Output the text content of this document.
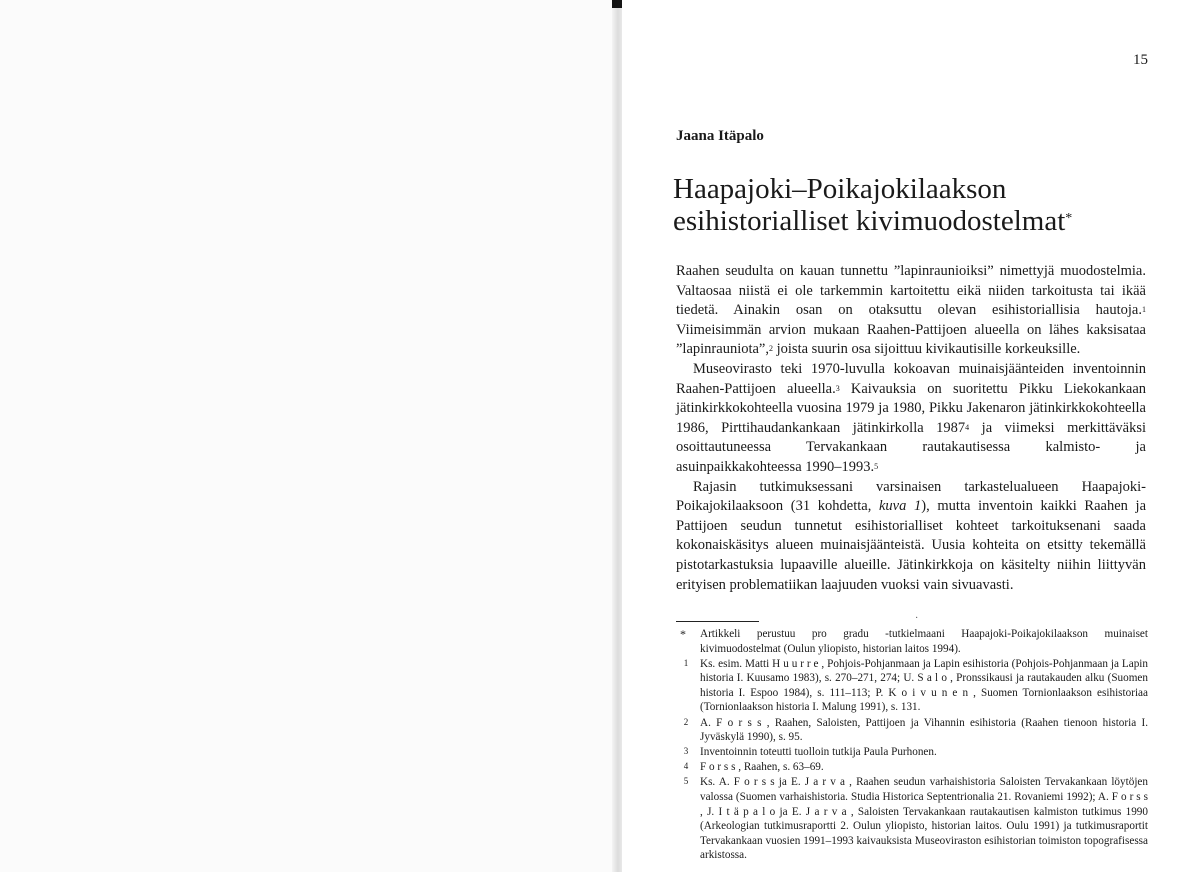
15
Jaana Itäpalo
Haapajoki–Poikajokilaakson
esihistorialliset kivimuodostelmat*

Raahen seudulta on kauan tunnettu ”lapinraunioiksi” nimettyjä muodostelmia. Valtaosaa niistä ei ole tarkemmin kartoitettu eikä niiden tarkoitusta tai ikää tiedetä. Ainakin osan on otaksuttu olevan esihistoriallisia hautoja.$^1$ Viimeisimmän arvion mukaan Raahen-Pattijoen alueella on lähes kaksisataa ”lapinrauniota”,$^2$ joista suurin osa sijoittuu kivikautisille korkeuksille.

Museovirasto teki 1970-luvulla kokoavan muinaisjäänteiden inventoinnin Raahen-Pattijoen alueella.$^3$ Kaivauksia on suoritettu Pikku Liekokankaan jätinkirkkokohteella vuosina 1979 ja 1980, Pikku Jakenaron jätinkirkkokohteella 1986, Pirttihaudankankaan jätinkirkolla 1987$^4$ ja viimeksi merkittäväksi osoittautuneessa Tervakankaan rautakautisessa kalmisto- ja asuinpaikkakohteessa 1990–1993.$^5$

Rajasin tutkimuksessani varsinaisen tarkastelualueen Haapajoki-Poikajokilaaksoon (31 kohdetta, kuva 1), mutta inventoin kaikki Raahen ja Pattijoen seudun tunnetut esihistorialliset kohteet tarkoituksenani saada kokonaiskäsitys alueen muinaisjäänteistä. Uusia kohteita on etsitty tekemällä pistotarkastuksia lupaaville alueille. Jätinkirkkoja on käsitelty niihin liittyvän erityisen problematiikan laajuuden vuoksi vain sivuavasti.

·
* Artikkeli perustuu pro gradu -tutkielmaani Haapajoki-Poikajokilaakson muinaiset kivimuodostelmat (Oulun yliopisto, historian laitos 1994).
1	Ks. esim. Matti H u u r r e , Pohjois-Pohjanmaan ja Lapin esihistoria (Pohjois-Pohjanmaan ja Lapin historia I. Kuusamo 1983), s. 270–271, 274; U. S a l o , Pronssikausi ja rautakauden alku (Suomen historia I. Espoo 1984), s. 111–113; P. K o i v u n e n , Suomen Tornionlaakson esihistoriaa (Tornionlaakson historia I. Malung 1991), s. 131.
2	A. F o r s s , Raahen, Saloisten, Pattijoen ja Vihannin esihistoria (Raahen tienoon historia I. Jyväskylä 1990), s. 95.
3	Inventoinnin toteutti tuolloin tutkija Paula Purhonen.
4	F o r s s , Raahen, s. 63–69.
5	Ks. A. F o r s s ja E. J a r v a , Raahen seudun varhaishistoria Saloisten Tervakankaan löytöjen valossa (Suomen varhaishistoria. Studia Historica Septentrionalia 21. Rovaniemi 1992); A. F o r s s , J. I t ä p a l o ja E. J a r v a , Saloisten Tervakankaan rautakautisen kalmiston tutkimus 1990 (Arkeologian tutkimusraportti 2. Oulun yliopisto, historian laitos. Oulu 1991) ja tutkimusraportit Tervakankaan vuosien 1991–1993 kaivauksista Museoviraston esihistorian toimiston topografisessa arkistossa.
